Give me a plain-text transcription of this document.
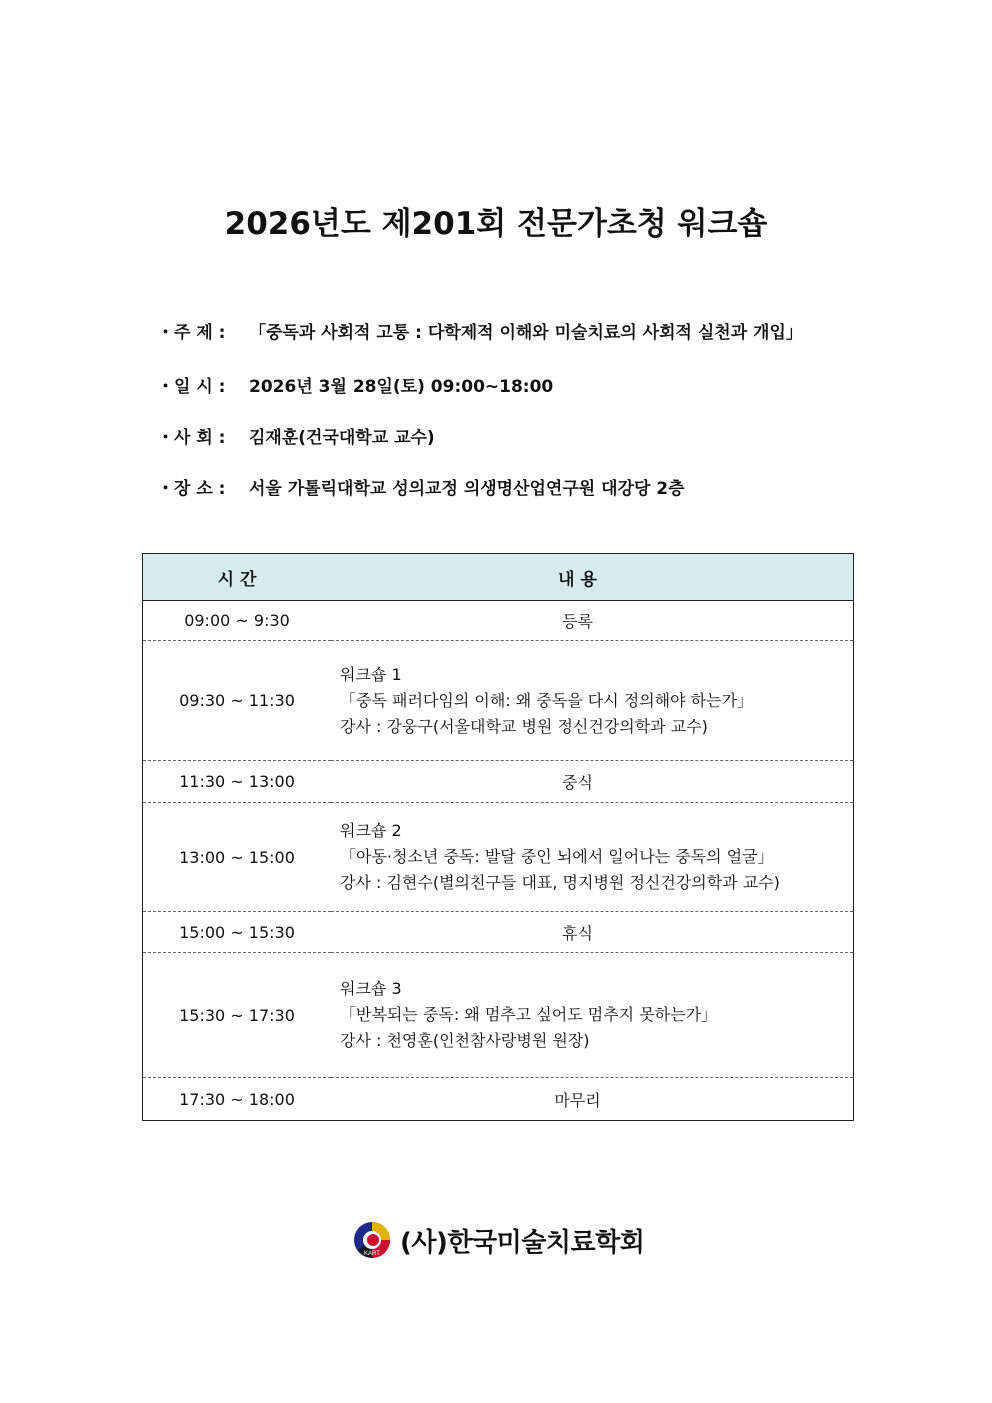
2026년도 제201회 전문가초청 워크숍
・주 제 : 「중독과 사회적 고통 : 다학제적 이해와 미술치료의 사회적 실천과 개입」
・일 시 : 2026년 3월 28일(토) 09:00~18:00
・사 회 : 김재훈(건국대학교 교수)
・장 소 : 서울 가톨릭대학교 성의교정 의생명산업연구원 대강당 2층
시 간	내 용
09:00 ~ 9:30	등록
09:30 ~ 11:30	워크숍 1
「중독 패러다임의 이해: 왜 중독을 다시 정의해야 하는가」
강사 : 강웅구(서울대학교 병원 정신건강의학과 교수)

11:30 ~ 13:00	중식
13:00 ~ 15:00	워크숍 2
「아동·청소년 중독: 발달 중인 뇌에서 일어나는 중독의 얼굴」
강사 : 김현수(별의친구들 대표, 명지병원 정신건강의학과 교수)

15:00 ~ 15:30	휴식
15:30 ~ 17:30	워크숍 3
「반복되는 중독: 왜 멈추고 싶어도 멈추지 못하는가」
강사 : 천영훈(인천참사랑병원 원장)

17:30 ~ 18:00	마무리
KART (사)한국미술치료학회
